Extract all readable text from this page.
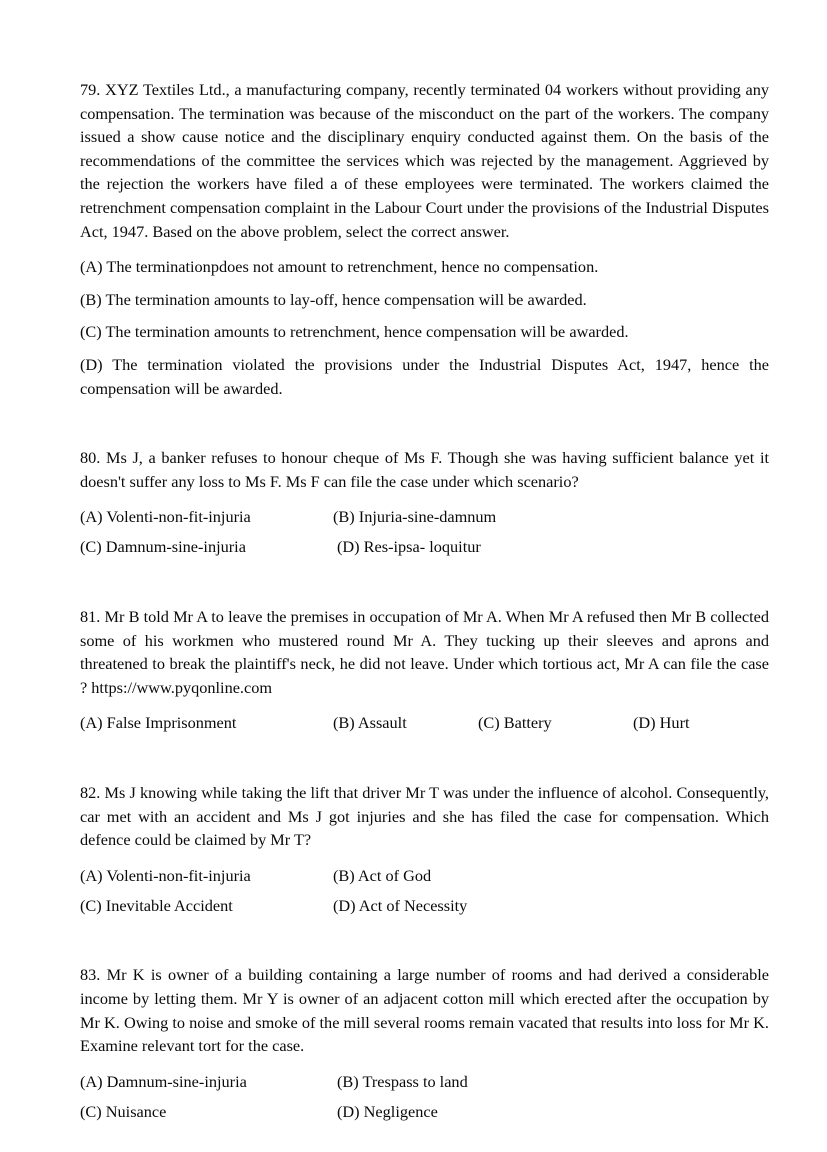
79. XYZ Textiles Ltd., a manufacturing company, recently terminated 04 workers without providing any compensation. The termination was because of the misconduct on the part of the workers. The company issued a show cause notice and the disciplinary enquiry conducted against them. On the basis of the recommendations of the committee the services which was rejected by the management. Aggrieved by the rejection the workers have filed a of these employees were terminated. The workers claimed the retrenchment compensation complaint in the Labour Court under the provisions of the Industrial Disputes Act, 1947. Based on the above problem, select the correct answer.

(A) The terminationpdoes not amount to retrenchment, hence no compensation.

(B) The termination amounts to lay-off, hence compensation will be awarded.

(C) The termination amounts to retrenchment, hence compensation will be awarded.

(D) The termination violated the provisions under the Industrial Disputes Act, 1947, hence the compensation will be awarded.

80. Ms J, a banker refuses to honour cheque of Ms F. Though she was having sufficient balance yet it doesn't suffer any loss to Ms F. Ms F can file the case under which scenario?

(A) Volenti-non-fit-injuria	(B) Injuria-sine-damnum
(C) Damnum-sine-injuria	(D) Res-ipsa- loquitur

81. Mr B told Mr A to leave the premises in occupation of Mr A. When Mr A refused then Mr B collected some of his workmen who mustered round Mr A. They tucking up their sleeves and aprons and threatened to break the plaintiff's neck, he did not leave. Under which tortious act, Mr A can file the case ? https://www.pyqonline.com

(A) False Imprisonment	(B) Assault	(C) Battery	(D) Hurt

82. Ms J knowing while taking the lift that driver Mr T was under the influence of alcohol. Consequently, car met with an accident and Ms J got injuries and she has filed the case for compensation. Which defence could be claimed by Mr T?

(A) Volenti-non-fit-injuria	(B) Act of God
(C) Inevitable Accident	(D) Act of Necessity

83. Mr K is owner of a building containing a large number of rooms and had derived a considerable income by letting them. Mr Y is owner of an adjacent cotton mill which erected after the occupation by Mr K. Owing to noise and smoke of the mill several rooms remain vacated that results into loss for Mr K. Examine relevant tort for the case.

(A) Damnum-sine-injuria	(B) Trespass to land
(C) Nuisance	(D) Negligence
